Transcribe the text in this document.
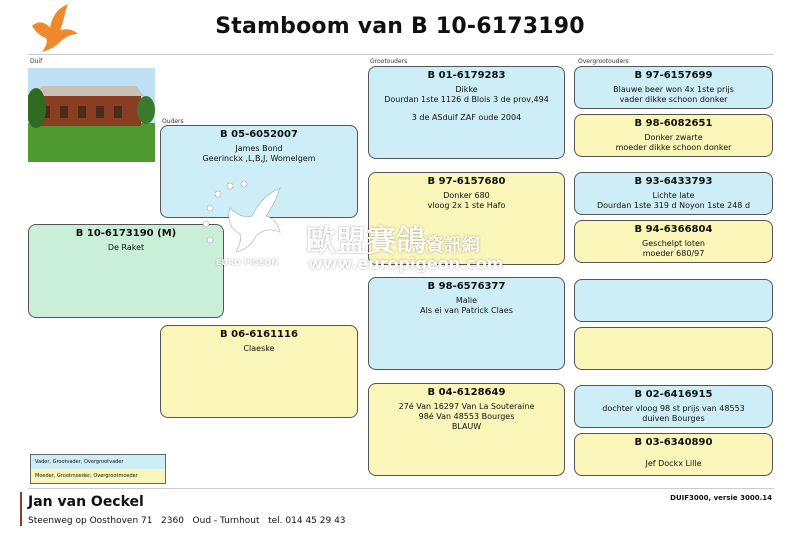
Stamboom van B 10-6173190
Duif
Ouders
Grootouders	Overgrootouders
B 10-6173190 (M)
De Raket
B 05-6052007
James Bond
Geerinckx ,L,B,J, Womelgem
B 06-6161116
Claeske
B 01-6179283
Dikke
Dourdan 1ste 1126 d Blois 3 de prov,494
3 de ASduif ZAF oude 2004
B 97-6157680
Donker 680
vloog 2x 1 ste Hafo
B 98-6576377
Malie
Als ei van Patrick Claes
B 04-6128649
27é Van 16297 Van La Souteraine
98é Van 48553 Bourges
BLAUW
B 97-6157699
Blauwe beer won 4x 1ste prijs
vader dikke schoon donker
B 98-6082651
Donker zwarte
moeder dikke schoon donker
B 93-6433793
Lichte late
Dourdan 1ste 319 d Noyon 1ste 248 d
B 94-6366804
Geschelpt loten
moeder 680/97
B 02-6416915
dochter vloog 98 st prijs van 48553
duiven Bourges
B 03-6340890
Jef Dockx Lille
Vader, Grootvader, Overgrootvader
Moeder, Grootmoeder, Overgrootmoeder
EURO PIGEON
歐盟賽鴿資訊網
www.europigeon.com
Jan van Oeckel
Steenweg op Oosthoven 71   2360   Oud - Turnhout   tel. 014 45 29 43
DUIF3000, versie 3000.14
